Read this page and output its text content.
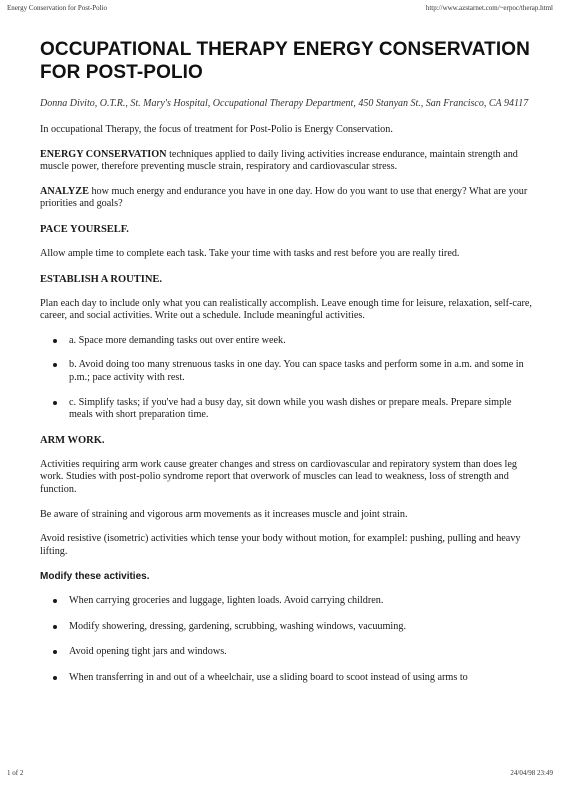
Energy Conservation for Post-Polio	http://www.azstarnet.com/~erpoc/therap.html
OCCUPATIONAL THERAPY ENERGY CONSERVATION FOR POST-POLIO
Donna Divito, O.T.R., St. Mary's Hospital, Occupational Therapy Department, 450 Stanyan St., San Francisco, CA 94117

In occupational Therapy, the focus of treatment for Post-Polio is Energy Conservation.

ENERGY CONSERVATION techniques applied to daily living activities increase endurance, maintain strength and muscle power, therefore preventing muscle strain, respiratory and cardiovascular stress.

ANALYZE how much energy and endurance you have in one day. How do you want to use that energy? What are your priorities and goals?

PACE YOURSELF.

Allow ample time to complete each task. Take your time with tasks and rest before you are really tired.

ESTABLISH A ROUTINE.

Plan each day to include only what you can realistically accomplish. Leave enough time for leisure, relaxation, self-care, career, and social activities. Write out a schedule. Include meaningful activities.

a. Space more demanding tasks out over entire week.
b. Avoid doing too many strenuous tasks in one day. You can space tasks and perform some in a.m. and some in p.m.; pace activity with rest.
c. Simplify tasks; if you've had a busy day, sit down while you wash dishes or prepare meals. Prepare simple meals with short preparation time.
ARM WORK.

Activities requiring arm work cause greater changes and stress on cardiovascular and repiratory system than does leg work. Studies with post-polio syndrome report that overwork of muscles can lead to weakness, loss of strength and function.

Be aware of straining and vigorous arm movements as it increases muscle and joint strain.

Avoid resistive (isometric) activities which tense your body without motion, for examplel: pushing, pulling and heavy lifting.

Modify these activities.
When carrying groceries and luggage, lighten loads. Avoid carrying children.
Modify showering, dressing, gardening, scrubbing, washing windows, vacuuming.
Avoid opening tight jars and windows.
When transferring in and out of a wheelchair, use a sliding board to scoot instead of using arms to
1 of 2	24/04/98 23:49
